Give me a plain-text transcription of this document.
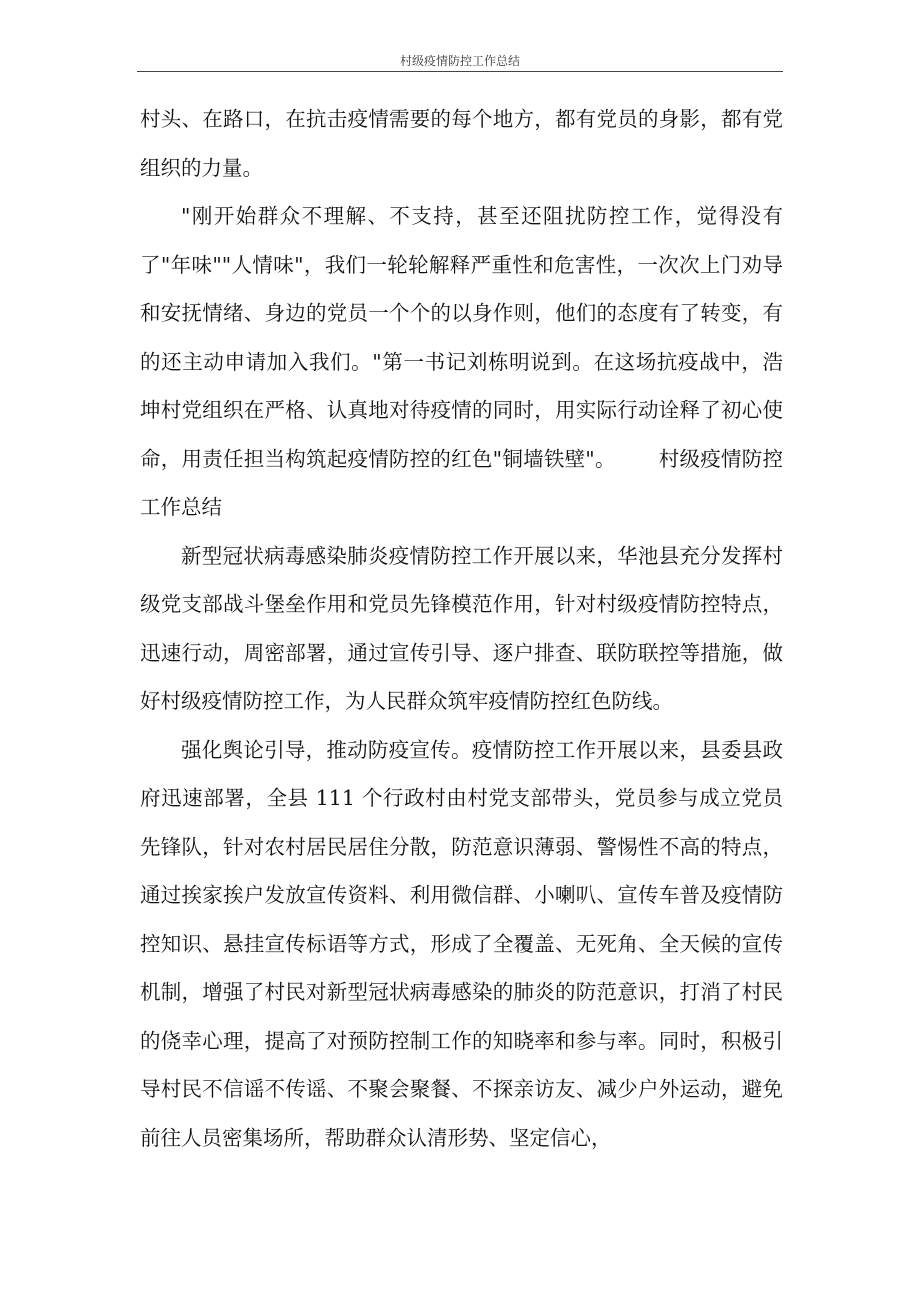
村级疫情防控工作总结

村头、在路口，在抗击疫情需要的每个地方，都有党员的身影，都有党组织的力量。

"刚开始群众不理解、不支持，甚至还阻扰防控工作，觉得没有了"年味""人情味"，我们一轮轮解释严重性和危害性，一次次上门劝导和安抚情绪、身边的党员一个个的以身作则，他们的态度有了转变，有的还主动申请加入我们。"第一书记刘栋明说到。在这场抗疫战中，浩坤村党组织在严格、认真地对待疫情的同时，用实际行动诠释了初心使命，用责任担当构筑起疫情防控的红色"铜墙铁壁"。 村级疫情防控工作总结

新型冠状病毒感染肺炎疫情防控工作开展以来，华池县充分发挥村级党支部战斗堡垒作用和党员先锋模范作用，针对村级疫情防控特点，迅速行动，周密部署，通过宣传引导、逐户排查、联防联控等措施，做好村级疫情防控工作，为人民群众筑牢疫情防控红色防线。

强化舆论引导，推动防疫宣传。疫情防控工作开展以来，县委县政府迅速部署，全县 111 个行政村由村党支部带头，党员参与成立党员先锋队，针对农村居民居住分散，防范意识薄弱、警惕性不高的特点，通过挨家挨户发放宣传资料、利用微信群、小喇叭、宣传车普及疫情防控知识、悬挂宣传标语等方式，形成了全覆盖、无死角、全天候的宣传机制，增强了村民对新型冠状病毒感染的肺炎的防范意识，打消了村民的侥幸心理，提高了对预防控制工作的知晓率和参与率。同时，积极引导村民不信谣不传谣、不聚会聚餐、不探亲访友、减少户外运动，避免前往人员密集场所，帮助群众认清形势、坚定信心，
